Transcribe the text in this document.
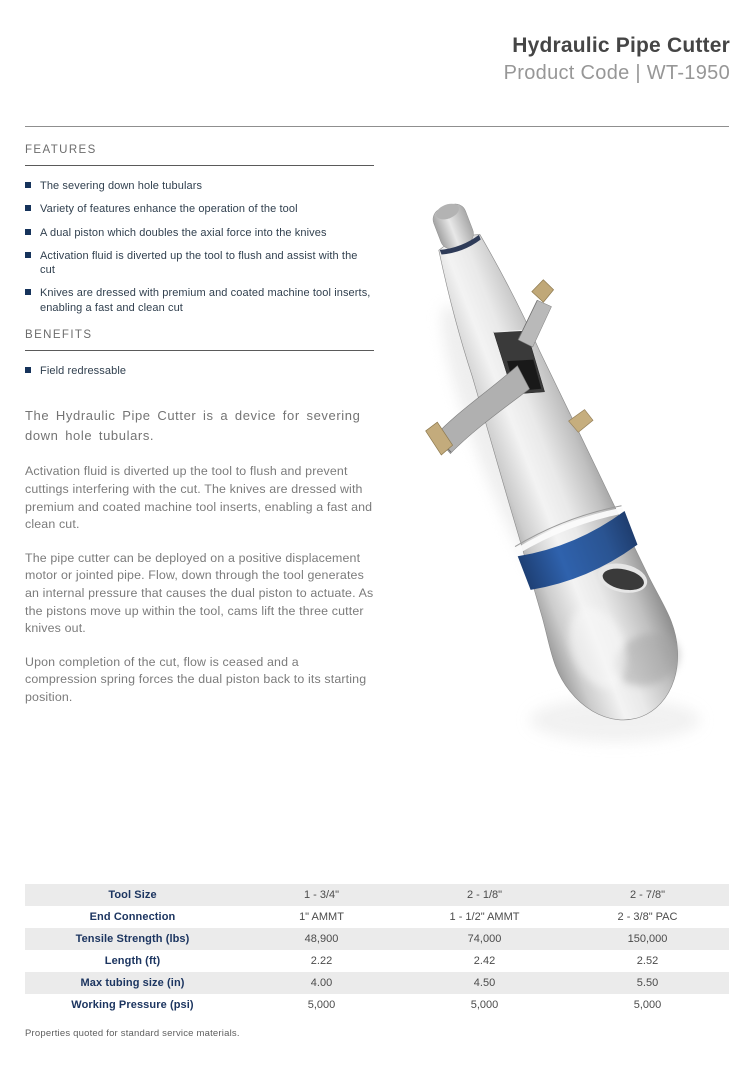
Hydraulic Pipe Cutter
Product Code | WT-1950
FEATURES
The severing down hole tubulars
Variety of features enhance the operation of the tool
A dual piston which doubles the axial force into the knives
Activation fluid is diverted up the tool to flush and assist with the cut
Knives are dressed with premium and coated machine tool inserts, enabling a fast and clean cut
BENEFITS
Field redressable

The Hydraulic Pipe Cutter is a device for severing down hole tubulars.

Activation fluid is diverted up the tool to flush and prevent cuttings interfering with the cut. The knives are dressed with premium and coated machine tool inserts, enabling a fast and clean cut.

The pipe cutter can be deployed on a positive displacement motor or jointed pipe. Flow, down through the tool generates an internal pressure that causes the dual piston to actuate. As the pistons move up within the tool, cams lift the three cutter knives out.

Upon completion of the cut, flow is ceased and a compression spring forces the dual piston back to its starting position.

Tool Size	1 - 3/4"	2 - 1/8"	2 - 7/8"
End Connection	1" AMMT	1 - 1/2" AMMT	2 - 3/8" PAC
Tensile Strength (lbs)	48,900	74,000	150,000
Length (ft)	2.22	2.42	2.52
Max tubing size (in)	4.00	4.50	5.50
Working Pressure (psi)	5,000	5,000	5,000
Properties quoted for standard service materials.
